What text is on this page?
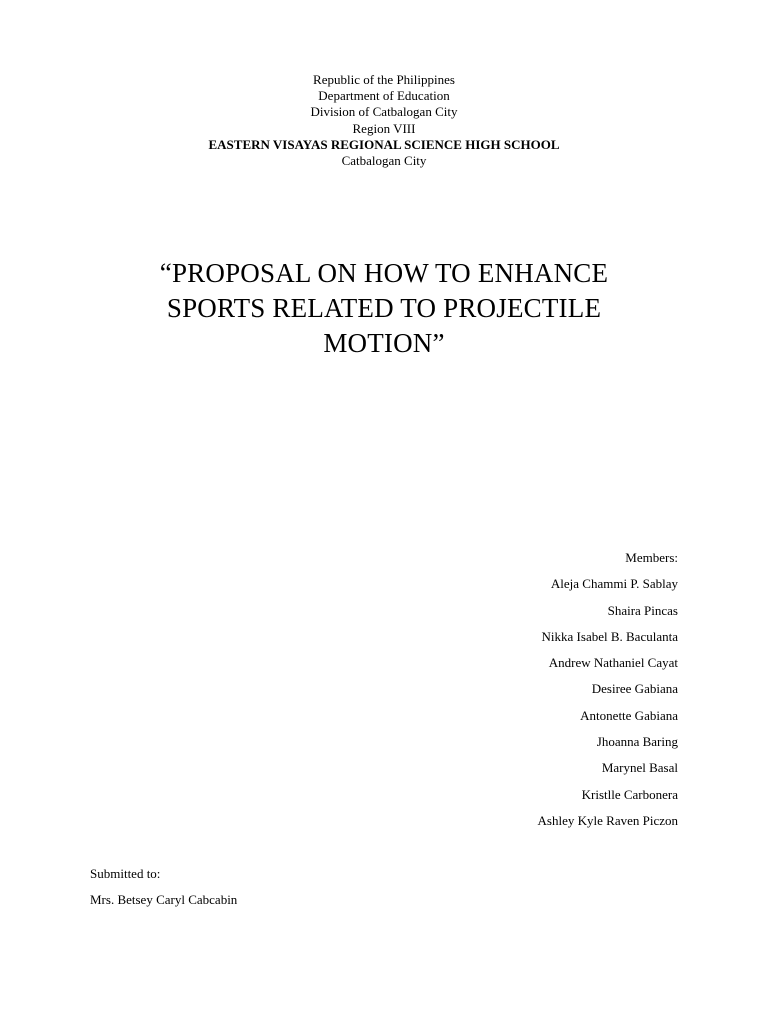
Republic of the Philippines
Department of Education
Division of Catbalogan City
Region VIII
EASTERN VISAYAS REGIONAL SCIENCE HIGH SCHOOL
Catbalogan City
“PROPOSAL ON HOW TO ENHANCE
SPORTS RELATED TO PROJECTILE
MOTION”
Members:
Aleja Chammi P. Sablay
Shaira Pincas
Nikka Isabel B. Baculanta
Andrew Nathaniel Cayat
Desiree Gabiana
Antonette Gabiana
Jhoanna Baring
Marynel Basal
Kristlle Carbonera
Ashley Kyle Raven Piczon
Submitted to:
Mrs. Betsey Caryl Cabcabin
